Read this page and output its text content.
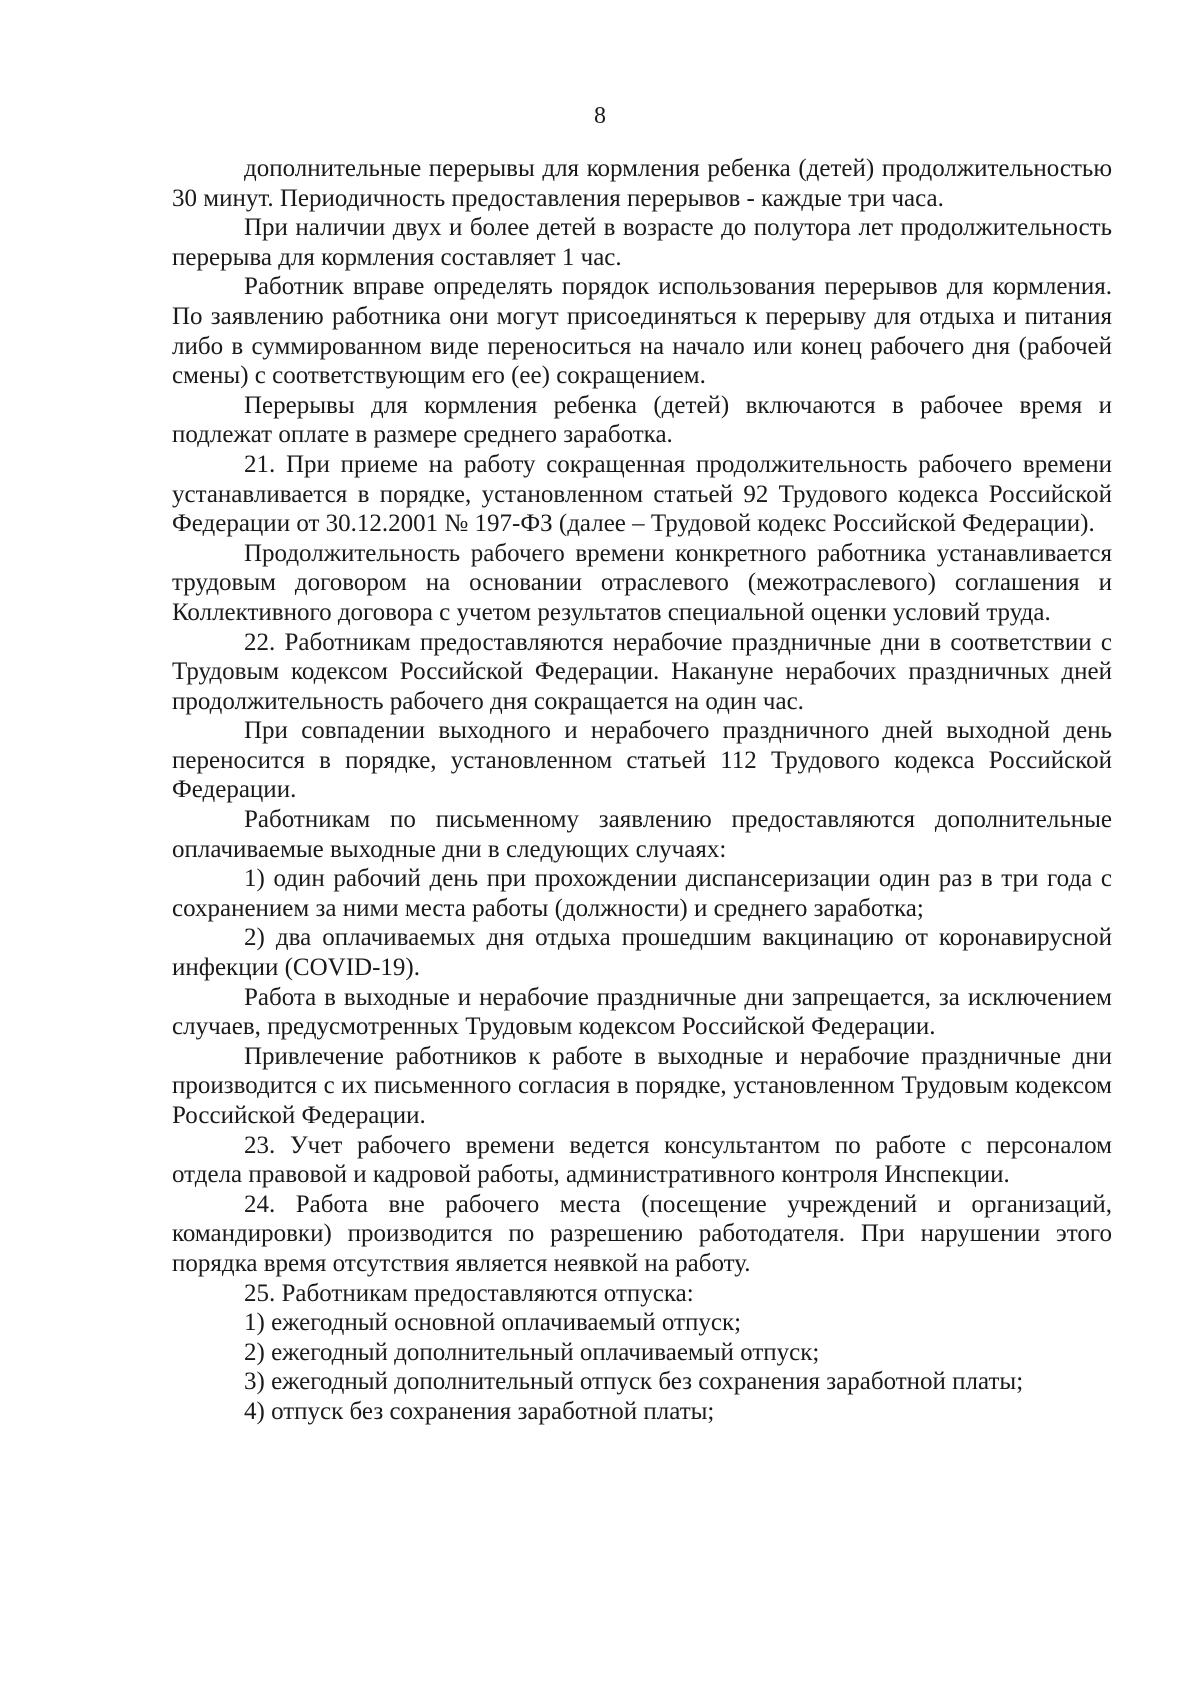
8

дополнительные перерывы для кормления ребенка (детей) продолжительностью 30 минут. Периодичность предоставления перерывов - каждые три часа.

При наличии двух и более детей в возрасте до полутора лет продолжительность перерыва для кормления составляет 1 час.

Работник вправе определять порядок использования перерывов для кормления. По заявлению работника они могут присоединяться к перерыву для отдыха и питания либо в суммированном виде переноситься на начало или конец рабочего дня (рабочей смены) с соответствующим его (ее) сокращением.

Перерывы для кормления ребенка (детей) включаются в рабочее время и подлежат оплате в размере среднего заработка.

21. При приеме на работу сокращенная продолжительность рабочего времени устанавливается в порядке, установленном статьей 92 Трудового кодекса Российской Федерации от 30.12.2001 № 197-ФЗ (далее – Трудовой кодекс Российской Федерации).

Продолжительность рабочего времени конкретного работника устанавливается трудовым договором на основании отраслевого (межотраслевого) соглашения и Коллективного договора с учетом результатов специальной оценки условий труда.

22. Работникам предоставляются нерабочие праздничные дни в соответствии с Трудовым кодексом Российской Федерации. Накануне нерабочих праздничных дней продолжительность рабочего дня сокращается на один час.

При совпадении выходного и нерабочего праздничного дней выходной день переносится в порядке, установленном статьей 112 Трудового кодекса Российской Федерации.

Работникам по письменному заявлению предоставляются дополнительные оплачиваемые выходные дни в следующих случаях:

1) один рабочий день при прохождении диспансеризации один раз в три года с сохранением за ними места работы (должности) и среднего заработка;

2) два оплачиваемых дня отдыха прошедшим вакцинацию от коронавирусной инфекции (COVID-19).

Работа в выходные и нерабочие праздничные дни запрещается, за исключением случаев, предусмотренных Трудовым кодексом Российской Федерации.

Привлечение работников к работе в выходные и нерабочие праздничные дни производится с их письменного согласия в порядке, установленном Трудовым кодексом Российской Федерации.

23. Учет рабочего времени ведется консультантом по работе с персоналом отдела правовой и кадровой работы, административного контроля Инспекции.

24. Работа вне рабочего места (посещение учреждений и организаций, командировки) производится по разрешению работодателя. При нарушении этого порядка время отсутствия является неявкой на работу.

25. Работникам предоставляются отпуска:

1) ежегодный основной оплачиваемый отпуск;

2) ежегодный дополнительный оплачиваемый отпуск;

3) ежегодный дополнительный отпуск без сохранения заработной платы;

4) отпуск без сохранения заработной платы;
